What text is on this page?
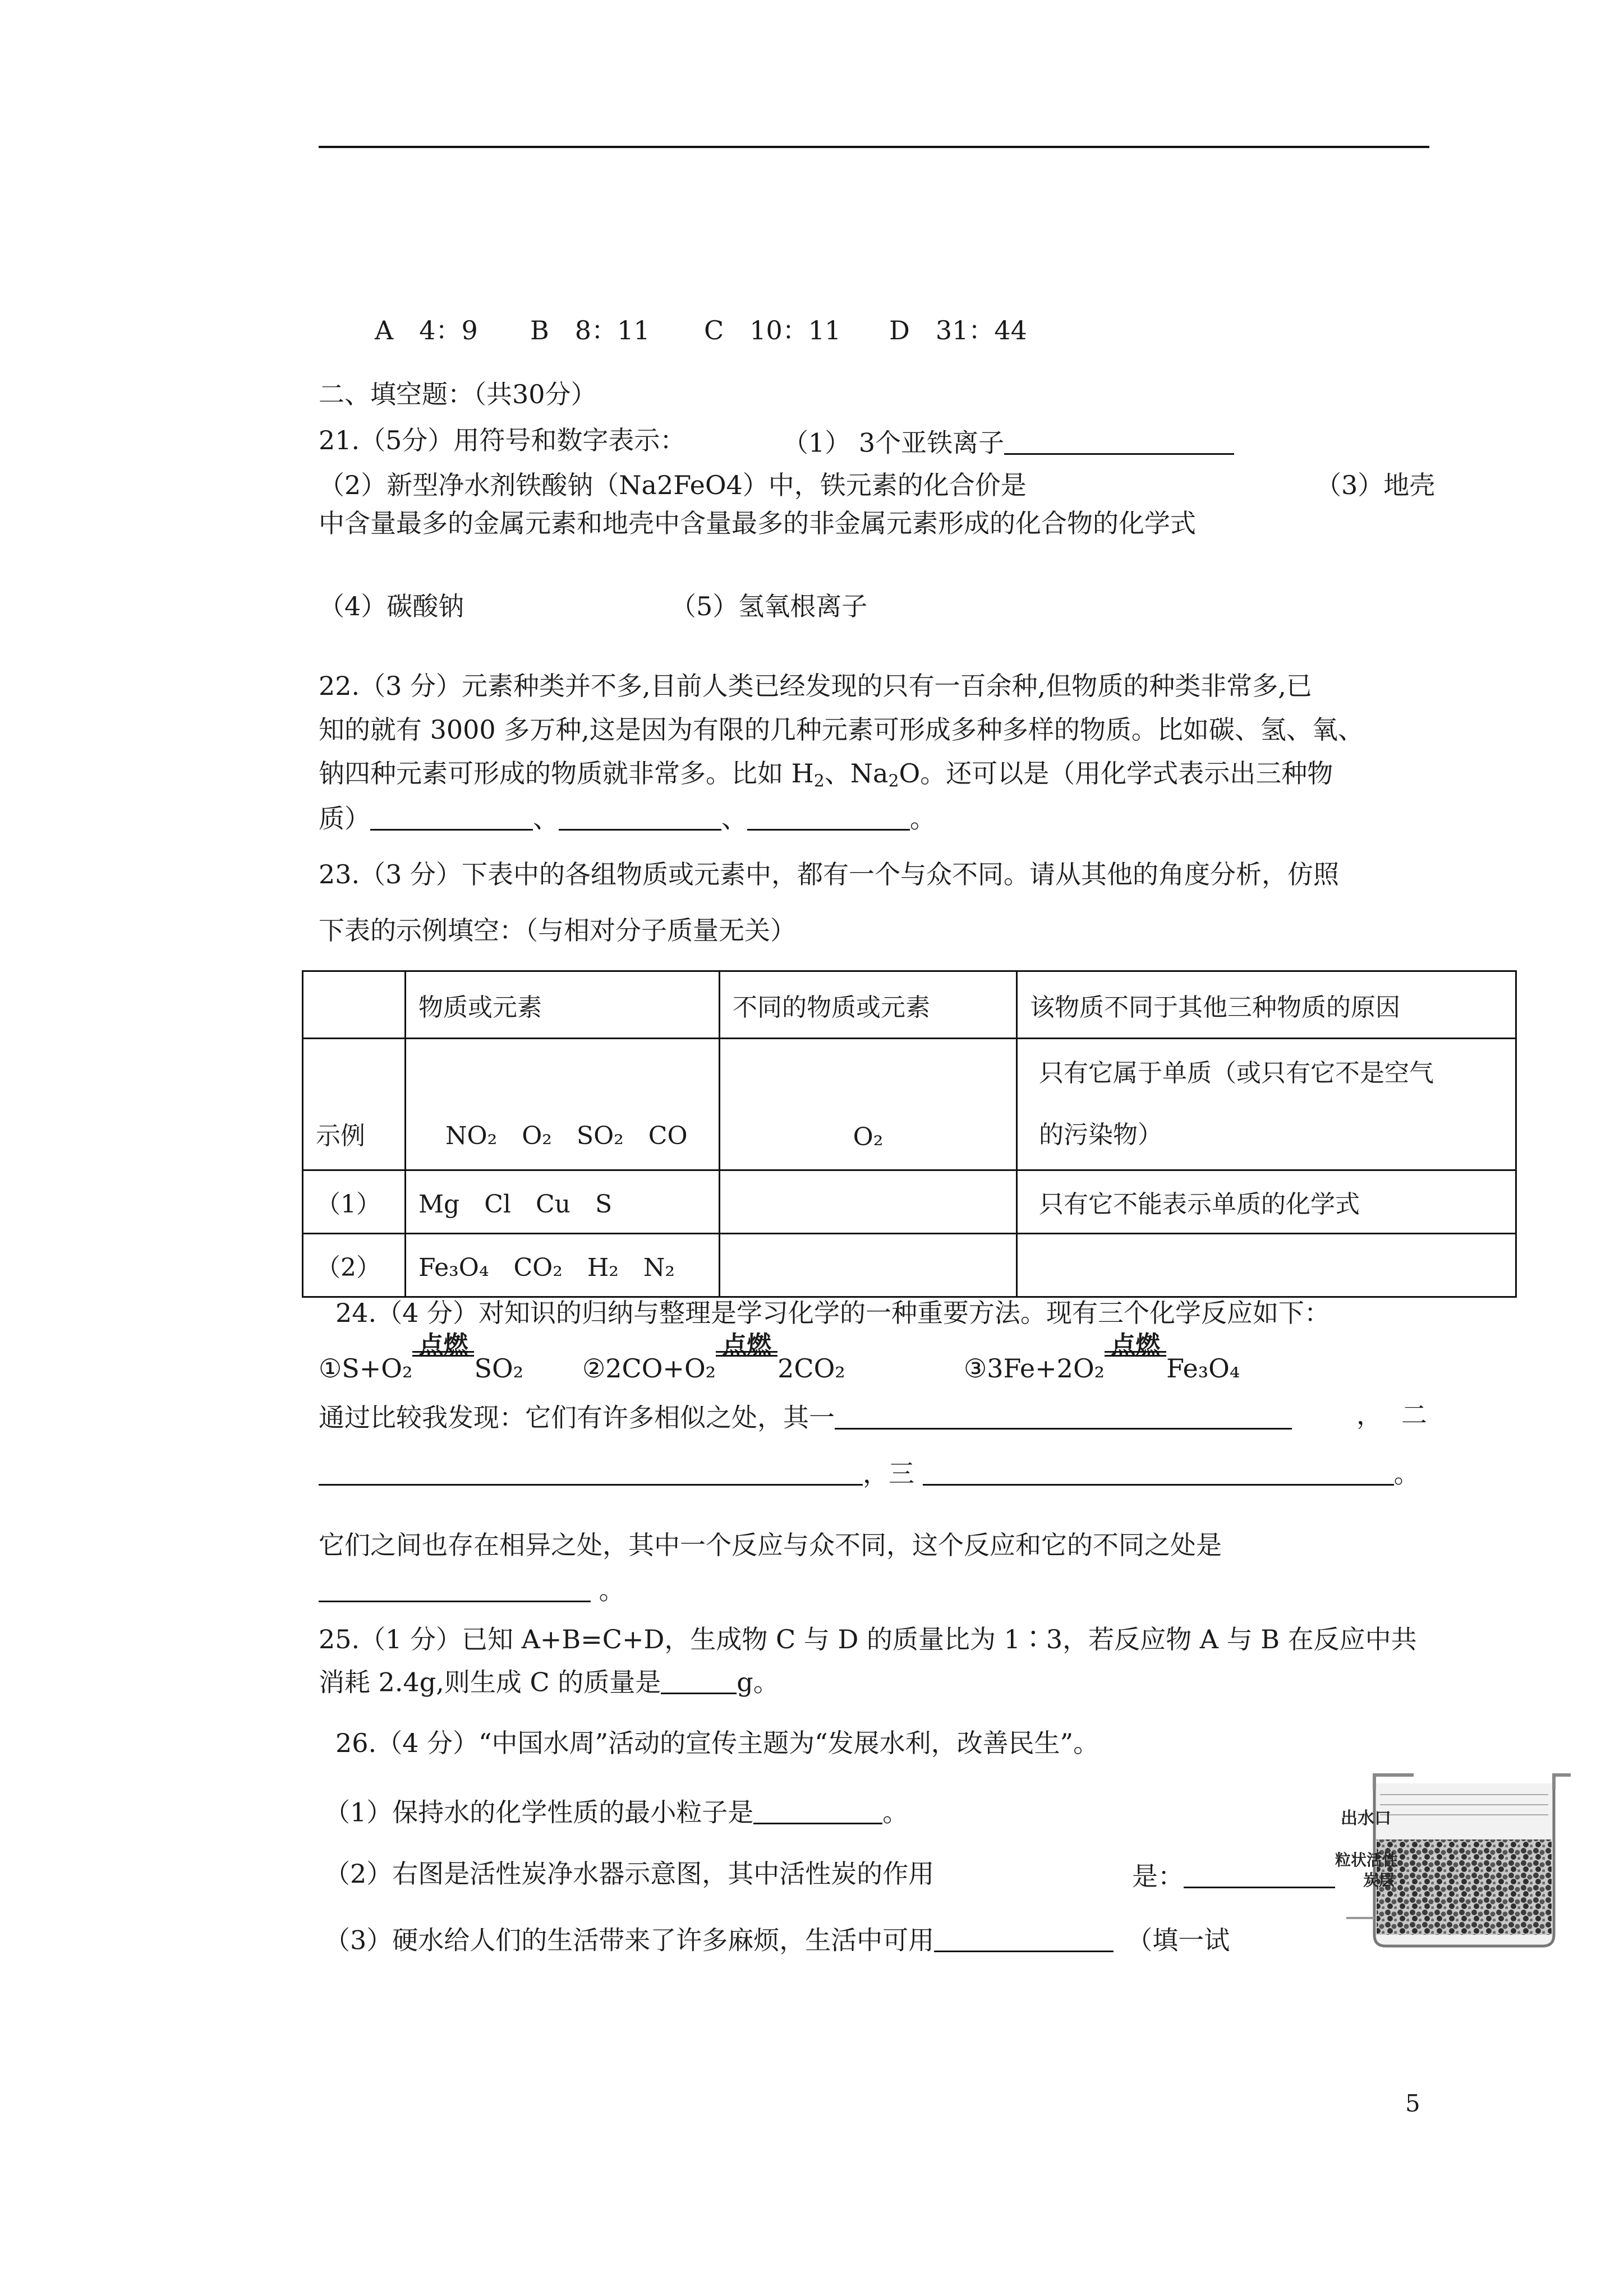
A　4：9 B　8：11 C　10：11 D　31：44
二、填空题：（共30分）
21.（5分）用符号和数字表示：	（1） 3个亚铁离子
（2）新型净水剂铁酸钠（Na2FeO4）中，铁元素的化合价是	（3）地壳
中含量最多的金属元素和地壳中含量最多的非金属元素形成的化合物的化学式
（4）碳酸钠	（5）氢氧根离子
22.（3 分）元素种类并不多,目前人类已经发现的只有一百余种,但物质的种类非常多,已
知的就有 3000 多万种,这是因为有限的几种元素可形成多种多样的物质。比如碳、氢、氧、
钠四种元素可形成的物质就非常多。比如 $H_2$、$Na_2O$。还可以是（用化学式表示出三种物
质）	、	、	。
23.（3 分）下表中的各组物质或元素中，都有一个与众不同。请从其他的角度分析，仿照
下表的示例填空：（与相对分子质量无关）
	物质或元素	不同的物质或元素	该物质不同于其他三种物质的原因
示例	NO₂　O₂　SO₂　CO	O₂	只有它属于单质（或只有它不是空气
的污染物）
（1）	Mg　Cl　Cu　S		只有它不能表示单质的化学式
（2）	Fe₃O₄　CO₂　H₂　N₂		
24.（4 分）对知识的归纳与整理是学习化学的一种重要方法。现有三个化学反应如下：
①S+O₂
点燃
SO₂ ②2CO+O₂
点燃
2CO₂	③3Fe+2O₂
点燃
Fe₃O₄
通过比较我发现：它们有许多相似之处，其一	， 二
，三	。
它们之间也存在相异之处，其中一个反应与众不同，这个反应和它的不同之处是
。
25.（1 分）已知 A+B=C+D，生成物 C 与 D 的质量比为 1∶3，若反应物 A 与 B 在反应中共
消耗 2.4g,则生成 C 的质量是	g。
26.（4 分）“中国水周”活动的宣传主题为“发展水利，改善民生”。
（1）保持水的化学性质的最小粒子是	。
（2）右图是活性炭净水器示意图，其中活性炭的作用	是：
（3）硬水给人们的生活带来了许多麻烦，生活中可用　	（填一试
出水口
粒状活性
炭层
5
